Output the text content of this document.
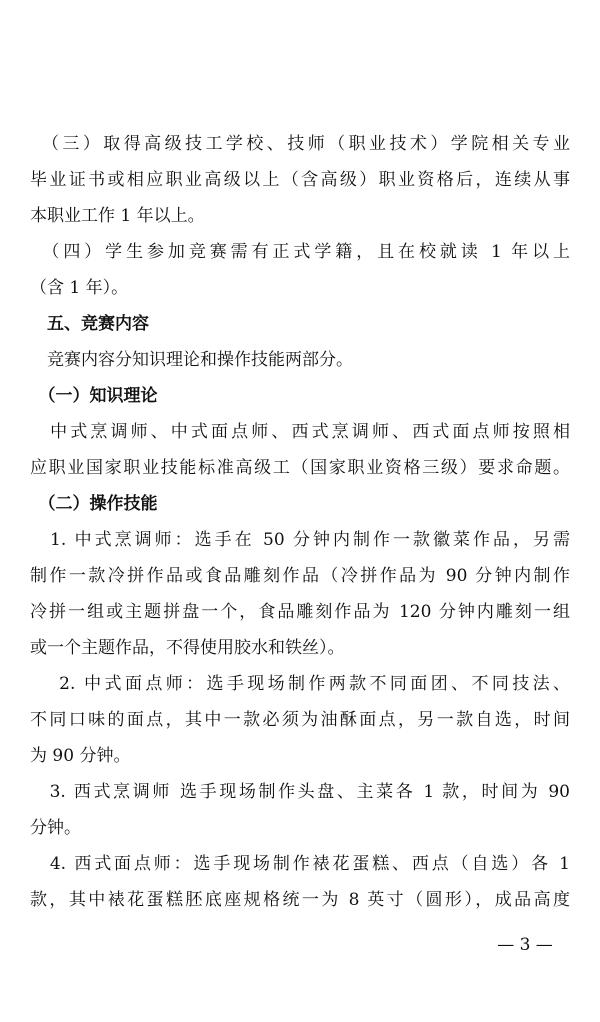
　（三）取得高级技工学校、技师（职业技术）学院相关专业
毕业证书或相应职业高级以上（含高级）职业资格后，连续从事
本职业工作 1 年以上。
　（四）学生参加竞赛需有正式学籍，且在校就读 1 年以上
（含 1 年）。
　五、竞赛内容
　竞赛内容分知识理论和操作技能两部分。
　（一）知识理论
　中式烹调师、中式面点师、西式烹调师、西式面点师按照相
应职业国家职业技能标准高级工（国家职业资格三级）要求命题。
　（二）操作技能
　1. 中式烹调师：选手在 50 分钟内制作一款徽菜作品，另需
制作一款冷拼作品或食品雕刻作品（冷拼作品为 90 分钟内制作
冷拼一组或主题拼盘一个，食品雕刻作品为 120 分钟内雕刻一组
或一个主题作品，不得使用胶水和铁丝）。
　 2. 中式面点师：选手现场制作两款不同面团、不同技法、
不同口味的面点，其中一款必须为油酥面点，另一款自选，时间
为 90 分钟。
　3. 西式烹调师 选手现场制作头盘、主菜各 1 款，时间为 90
分钟。
　4. 西式面点师：选手现场制作裱花蛋糕、西点（自选）各 1
款，其中裱花蛋糕胚底座规格统一为 8 英寸（圆形），成品高度
— 3 —
